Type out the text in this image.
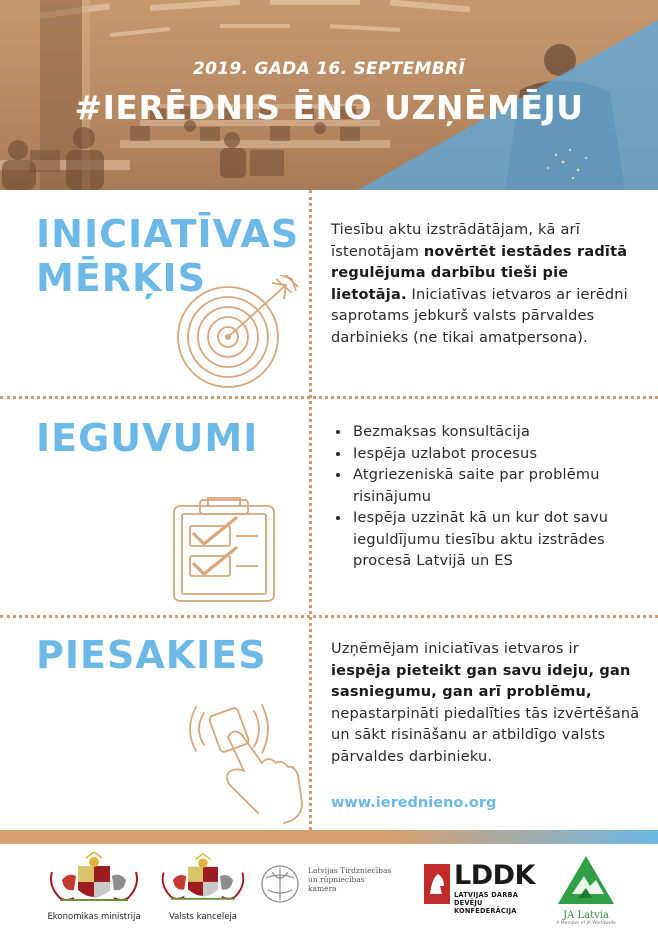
2019. GADA 16. SEPTEMBRĪ
#IERĒDNIS ĒNO UZŅĒMĒJU
INICIATĪVAS
MĒRĶIS
Tiesību aktu izstrādātājam, kā arī īstenotājam novērtēt iestādes radītā regulējuma darbību tieši pie lietotāja. Iniciatīvas ietvaros ar ierēdni saprotams jebkurš valsts pārvaldes darbinieks (ne tikai amatpersona).
IEGUVUMI
•	Bezmaksas konsultācija
• Iespēja uzlabot procesus
• Atgriezeniskā saite par problēmu risinājumu
• Iespēja uzzināt kā un kur dot savu ieguldījumu tiesību aktu izstrādes procesā Latvijā un ES
PIESAKIES	Uzņēmējam iniciatīvas ietvaros ir iespēja pieteikt gan savu ideju, gan sasniegumu, gan arī problēmu, nepastarpināti piedalīties tās izvērtēšanā un sākt risināšanu ar atbildīgo valsts pārvaldes darbinieku.
www.ierednieno.org
Ekonomikas ministrija	Valsts kanceleja
Latvijas Tirdzniecības
un rūpniecības
kamera	LDDK
LATVIJAS DARBA DEVĒJU
KONFEDERĀCIJA	JA Latvia
A Member of JA Worldwide
